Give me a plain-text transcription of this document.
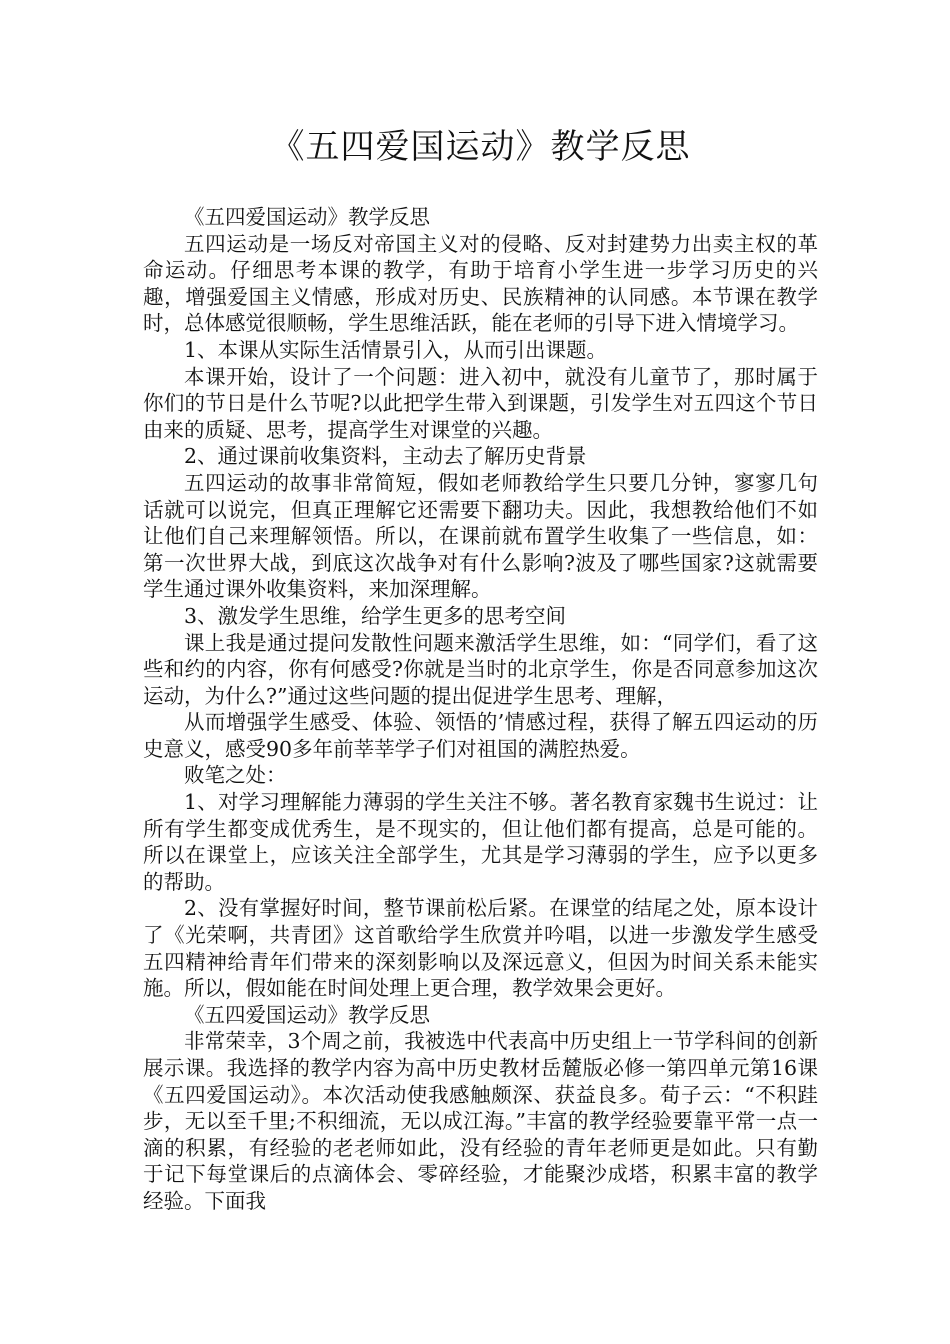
《五四爱国运动》教学反思

《五四爱国运动》教学反思

五四运动是一场反对帝国主义对的侵略、反对封建势力出卖主权的革命运动。仔细思考本课的教学，有助于培育小学生进一步学习历史的兴趣，增强爱国主义情感，形成对历史、民族精神的认同感。本节课在教学时，总体感觉很顺畅，学生思维活跃，能在老师的引导下进入情境学习。

1、本课从实际生活情景引入，从而引出课题。

本课开始，设计了一个问题：进入初中，就没有儿童节了，那时属于你们的节日是什么节呢?以此把学生带入到课题，引发学生对五四这个节日由来的质疑、思考，提高学生对课堂的兴趣。

2、通过课前收集资料，主动去了解历史背景

五四运动的故事非常简短，假如老师教给学生只要几分钟，寥寥几句话就可以说完，但真正理解它还需要下翻功夫。因此，我想教给他们不如让他们自己来理解领悟。所以，在课前就布置学生收集了一些信息，如：第一次世界大战，到底这次战争对有什么影响?波及了哪些国家?这就需要学生通过课外收集资料，来加深理解。

3、激发学生思维，给学生更多的思考空间

课上我是通过提问发散性问题来激活学生思维，如：“同学们，看了这些和约的内容，你有何感受?你就是当时的北京学生，你是否同意参加这次运动，为什么?”通过这些问题的提出促进学生思考、理解，

从而增强学生感受、体验、领悟的’情感过程，获得了解五四运动的历史意义，感受90多年前莘莘学子们对祖国的满腔热爱。

败笔之处：

1、对学习理解能力薄弱的学生关注不够。著名教育家魏书生说过：让所有学生都变成优秀生，是不现实的，但让他们都有提高，总是可能的。所以在课堂上，应该关注全部学生，尤其是学习薄弱的学生，应予以更多的帮助。

2、没有掌握好时间，整节课前松后紧。在课堂的结尾之处，原本设计了《光荣啊，共青团》这首歌给学生欣赏并吟唱，以进一步激发学生感受五四精神给青年们带来的深刻影响以及深远意义，但因为时间关系未能实施。所以，假如能在时间处理上更合理，教学效果会更好。

《五四爱国运动》教学反思

非常荣幸，3个周之前，我被选中代表高中历史组上一节学科间的创新展示课。我选择的教学内容为高中历史教材岳麓版必修一第四单元第16课《五四爱国运动》。本次活动使我感触颇深、获益良多。荀子云：“不积跬步，无以至千里;不积细流，无以成江海。”丰富的教学经验要靠平常一点一滴的积累，有经验的老老师如此，没有经验的青年老师更是如此。只有勤于记下每堂课后的点滴体会、零碎经验，才能聚沙成塔，积累丰富的教学经验。下面我
